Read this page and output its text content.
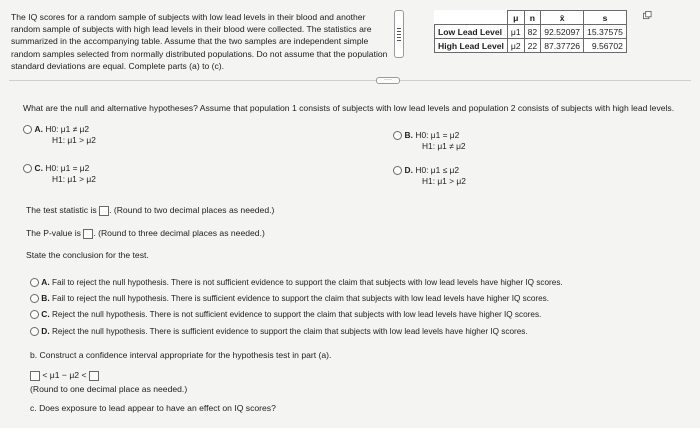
The IQ scores for a random sample of subjects with low lead levels in their blood and another random sample of subjects with high lead levels in their blood were collected. The statistics are summarized in the accompanying table. Assume that the two samples are independent simple random samples selected from normally distributed populations. Do not assume that the population standard deviations are equal. Complete parts (a) to (c).
	μ	n	x̄	s
Low Lead Level	μ1	82	92.52097	15.37575
High Lead Level	μ2	22	87.37726	9.56702
····
What are the null and alternative hypotheses? Assume that population 1 consists of subjects with low lead levels and population 2 consists of subjects with high lead levels.
A. H0: μ1 ≠ μ2
H1: μ1 > μ2	B. H0: μ1 = μ2
H1: μ1 ≠ μ2
C. H0: μ1 = μ2
H1: μ1 > μ2
D. H0: μ1 ≤ μ2
H1: μ1 > μ2
The test statistic is . (Round to two decimal places as needed.)
The P-value is . (Round to three decimal places as needed.)
State the conclusion for the test.
A. Fail to reject the null hypothesis. There is not sufficient evidence to support the claim that subjects with low lead levels have higher IQ scores.
B. Fail to reject the null hypothesis. There is sufficient evidence to support the claim that subjects with low lead levels have higher IQ scores.
C. Reject the null hypothesis. There is not sufficient evidence to support the claim that subjects with low lead levels have higher IQ scores.
D. Reject the null hypothesis. There is sufficient evidence to support the claim that subjects with low lead levels have higher IQ scores.
b. Construct a confidence interval appropriate for the hypothesis test in part (a).
< μ1 − μ2 <
(Round to one decimal place as needed.)
c. Does exposure to lead appear to have an effect on IQ scores?
